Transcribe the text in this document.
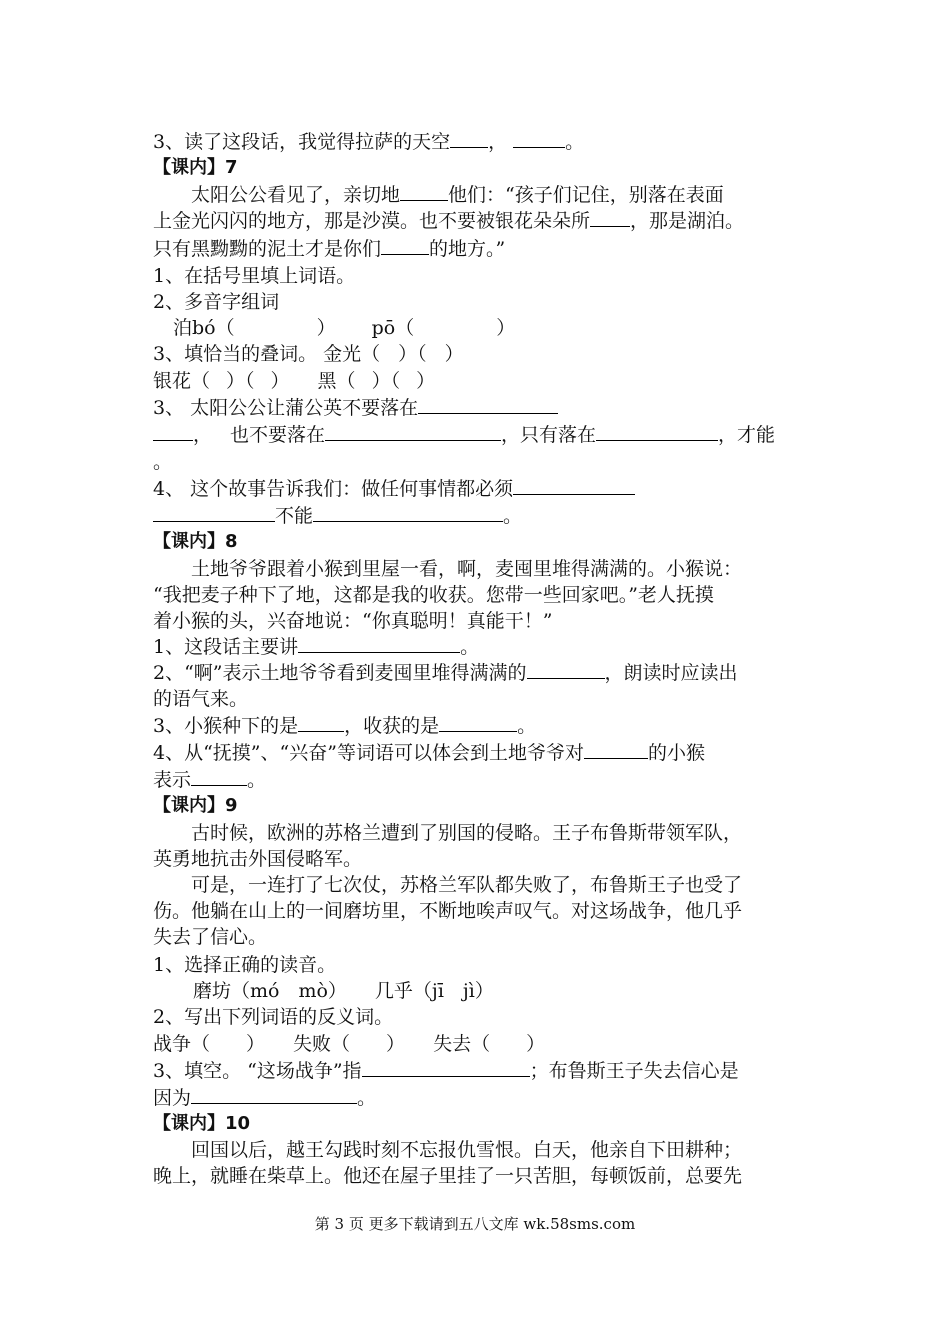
3、读了这段话，我觉得拉萨的天空 ，	。
【课内】7
太阳公公看见了，亲切地	他们：“孩子们记住，别落在表面
上金光闪闪的地方，那是沙漠。也不要被银花朵朵所 ，那是湖泊。
只有黑黝黝的泥土才是你们	的地方。”
1、在括号里填上词语。
2、多音字组词
泊bó（	） pō（	）
3、填恰当的叠词。 金光（ ）（ ）
银花（ ）（ ） 黑（ ）（ ）
3、 太阳公公让蒲公英不要落在
， 也不要落在	，只有落在	，才能
。
4、 这个故事告诉我们：做任何事情都必须
不能	。
【课内】8
土地爷爷跟着小猴到里屋一看，啊，麦囤里堆得满满的。小猴说：
“我把麦子种下了地，这都是我的收获。您带一些回家吧。”老人抚摸
着小猴的头，兴奋地说：“你真聪明！真能干！”
1、这段话主要讲	。
2、“啊”表示土地爷爷看到麦囤里堆得满满的	，朗读时应读出
的语气来。
3、小猴种下的是 ，收获的是	。
4、从“抚摸”、“兴奋”等词语可以体会到土地爷爷对	的小猴
表示	。
【课内】9
古时候，欧洲的苏格兰遭到了别国的侵略。王子布鲁斯带领军队，
英勇地抗击外国侵略军。
可是，一连打了七次仗，苏格兰军队都失败了，布鲁斯王子也受了
伤。他躺在山上的一间磨坊里，不断地唉声叹气。对这场战争，他几乎
失去了信心。
1、选择正确的读音。
磨坊（mó　mò） 几乎（jī　jì）
2、写出下列词语的反义词。
战争（ ） 失败（ ） 失去（ ）
3、填空。 “这场战争”指	；布鲁斯王子失去信心是
因为	。
【课内】10
回国以后，越王勾践时刻不忘报仇雪恨。白天，他亲自下田耕种；
晚上，就睡在柴草上。他还在屋子里挂了一只苦胆，每顿饭前，总要先
第 3 页 更多下载请到五八文库 wk.58sms.com
